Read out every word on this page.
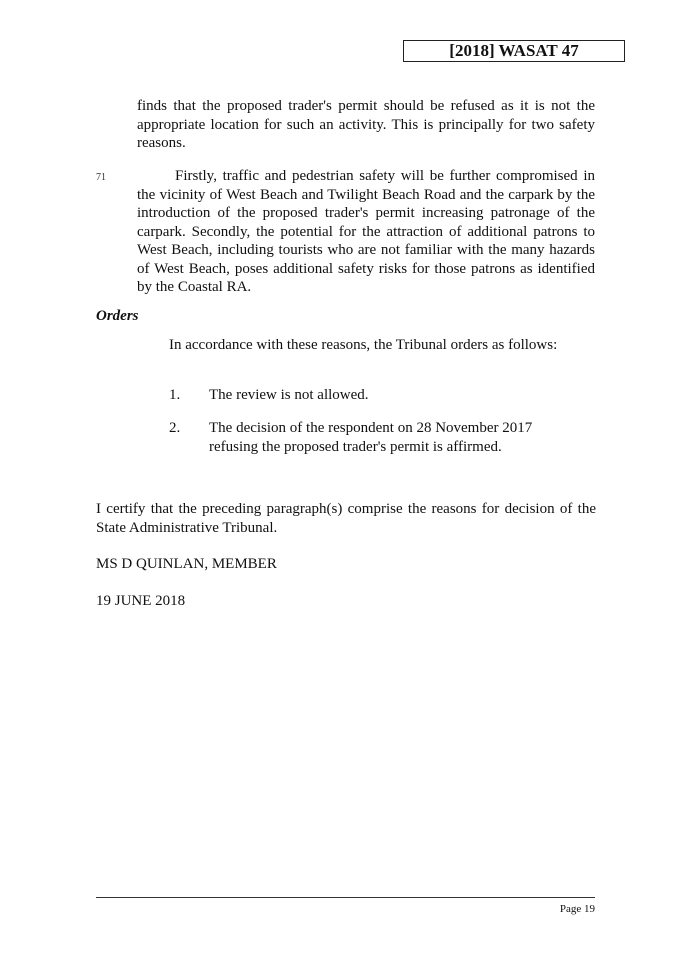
[2018] WASAT 47
finds that the proposed trader's permit should be refused as it is not the appropriate location for such an activity. This is principally for two safety reasons.
71	Firstly, traffic and pedestrian safety will be further compromised in the vicinity of West Beach and Twilight Beach Road and the carpark by the introduction of the proposed trader's permit increasing patronage of the carpark. Secondly, the potential for the attraction of additional patrons to West Beach, including tourists who are not familiar with the many hazards of West Beach, poses additional safety risks for those patrons as identified by the Coastal RA.
Orders
In accordance with these reasons, the Tribunal orders as follows:
1. The review is not allowed.
2. The decision of the respondent on 28 November 2017 refusing the proposed trader's permit is affirmed.
I certify that the preceding paragraph(s) comprise the reasons for decision of the State Administrative Tribunal.
MS D QUINLAN, MEMBER
19 JUNE 2018
Page 19
